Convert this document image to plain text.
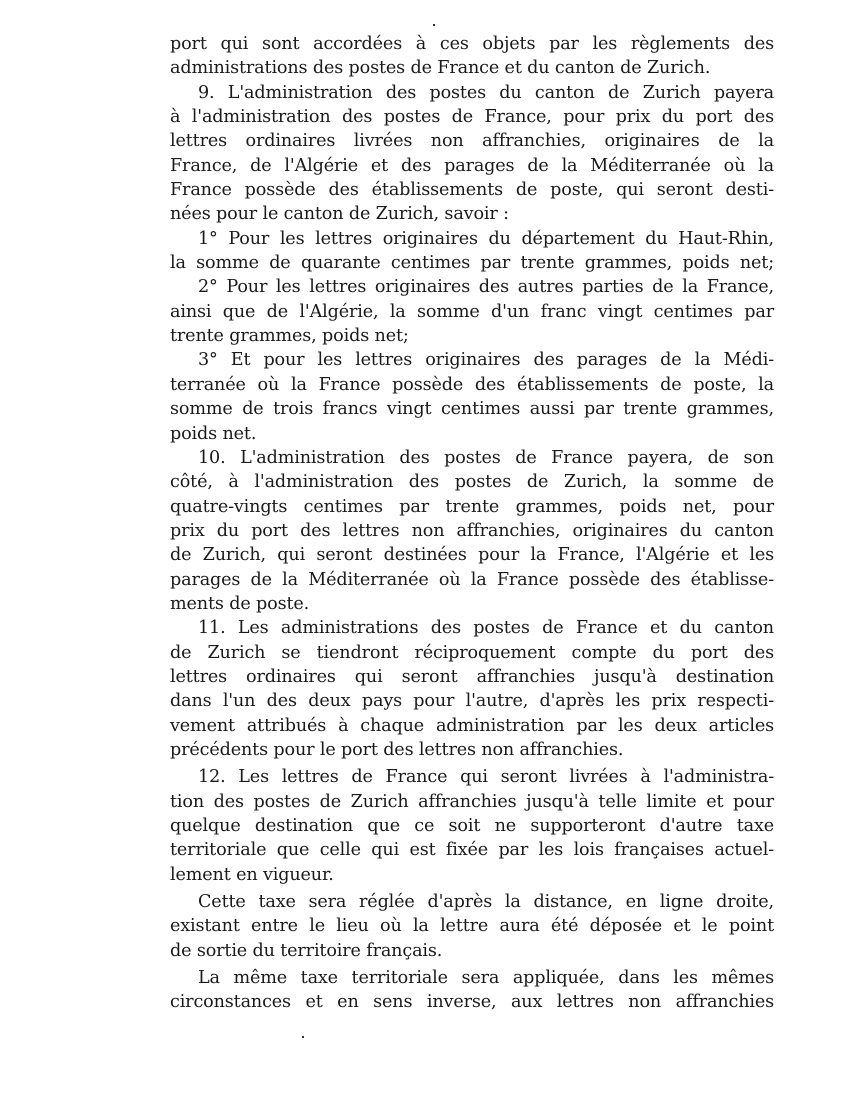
port qui sont accordées à ces objets par les règlements des
administrations des postes de France et du canton de Zurich.
9. L'administration des postes du canton de Zurich payera
à l'administration des postes de France, pour prix du port des
lettres ordinaires livrées non affranchies, originaires de la
France, de l'Algérie et des parages de la Méditerranée où la
France possède des établissements de poste, qui seront desti-
nées pour le canton de Zurich, savoir :
1° Pour les lettres originaires du département du Haut-Rhin,
la somme de quarante centimes par trente grammes, poids net;
2° Pour les lettres originaires des autres parties de la France,
ainsi que de l'Algérie, la somme d'un franc vingt centimes par
trente grammes, poids net;
3° Et pour les lettres originaires des parages de la Médi-
terranée où la France possède des établissements de poste, la
somme de trois francs vingt centimes aussi par trente grammes,
poids net.
10. L'administration des postes de France payera, de son
côté, à l'administration des postes de Zurich, la somme de
quatre-vingts centimes par trente grammes, poids net, pour
prix du port des lettres non affranchies, originaires du canton
de Zurich, qui seront destinées pour la France, l'Algérie et les
parages de la Méditerranée où la France possède des établisse-
ments de poste.
11. Les administrations des postes de France et du canton
de Zurich se tiendront réciproquement compte du port des
lettres ordinaires qui seront affranchies jusqu'à destination
dans l'un des deux pays pour l'autre, d'après les prix respecti-
vement attribués à chaque administration par les deux articles
précédents pour le port des lettres non affranchies.
12. Les lettres de France qui seront livrées à l'administra-
tion des postes de Zurich affranchies jusqu'à telle limite et pour
quelque destination que ce soit ne supporteront d'autre taxe
territoriale que celle qui est fixée par les lois françaises actuel-
lement en vigueur.
Cette taxe sera réglée d'après la distance, en ligne droite,
existant entre le lieu où la lettre aura été déposée et le point
de sortie du territoire français.
La même taxe territoriale sera appliquée, dans les mêmes
circonstances et en sens inverse, aux lettres non affranchies
